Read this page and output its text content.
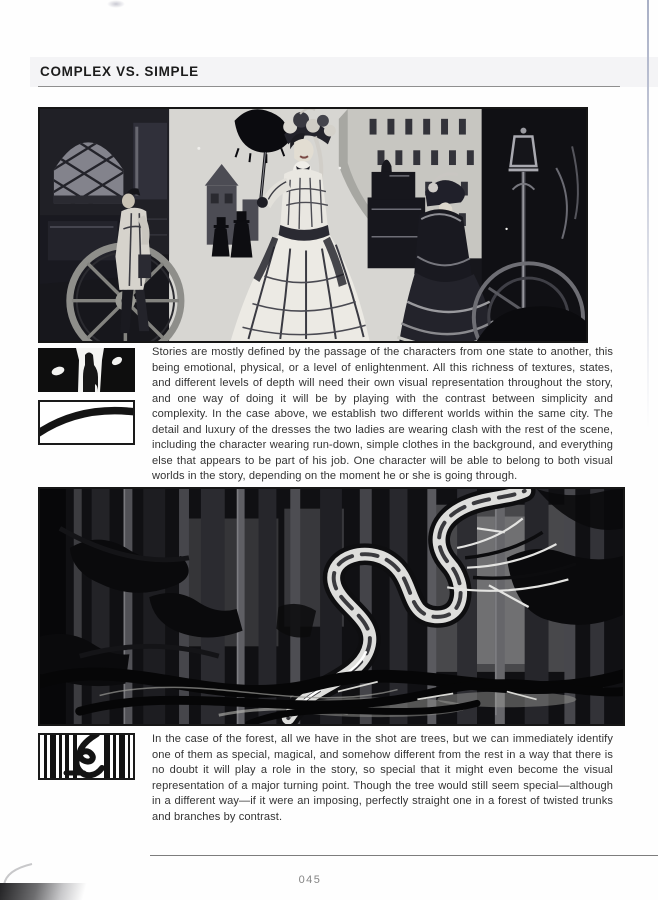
COMPLEX VS. SIMPLE

Stories are mostly defined by the passage of the characters from one state to another, this being emotional, physical, or a level of enlightenment. All this richness of textures, states, and different levels of depth will need their own visual representation throughout the story, and one way of doing it will be by playing with the contrast between simplicity and complexity. In the case above, we establish two different worlds within the same city. The detail and luxury of the dresses the two ladies are wearing clash with the rest of the scene, including the character wearing run-down, simple clothes in the background, and everything else that appears to be part of his job. One character will be able to belong to both visual worlds in the story, depending on the moment he or she is going through.

In the case of the forest, all we have in the shot are trees, but we can immediately identify one of them as special, magical, and somehow different from the rest in a way that there is no doubt it will play a role in the story, so special that it might even become the visual representation of a major turning point. Though the tree would still seem special—although in a different way—if it were an imposing, perfectly straight one in a forest of twisted trunks and branches by contrast.

045
